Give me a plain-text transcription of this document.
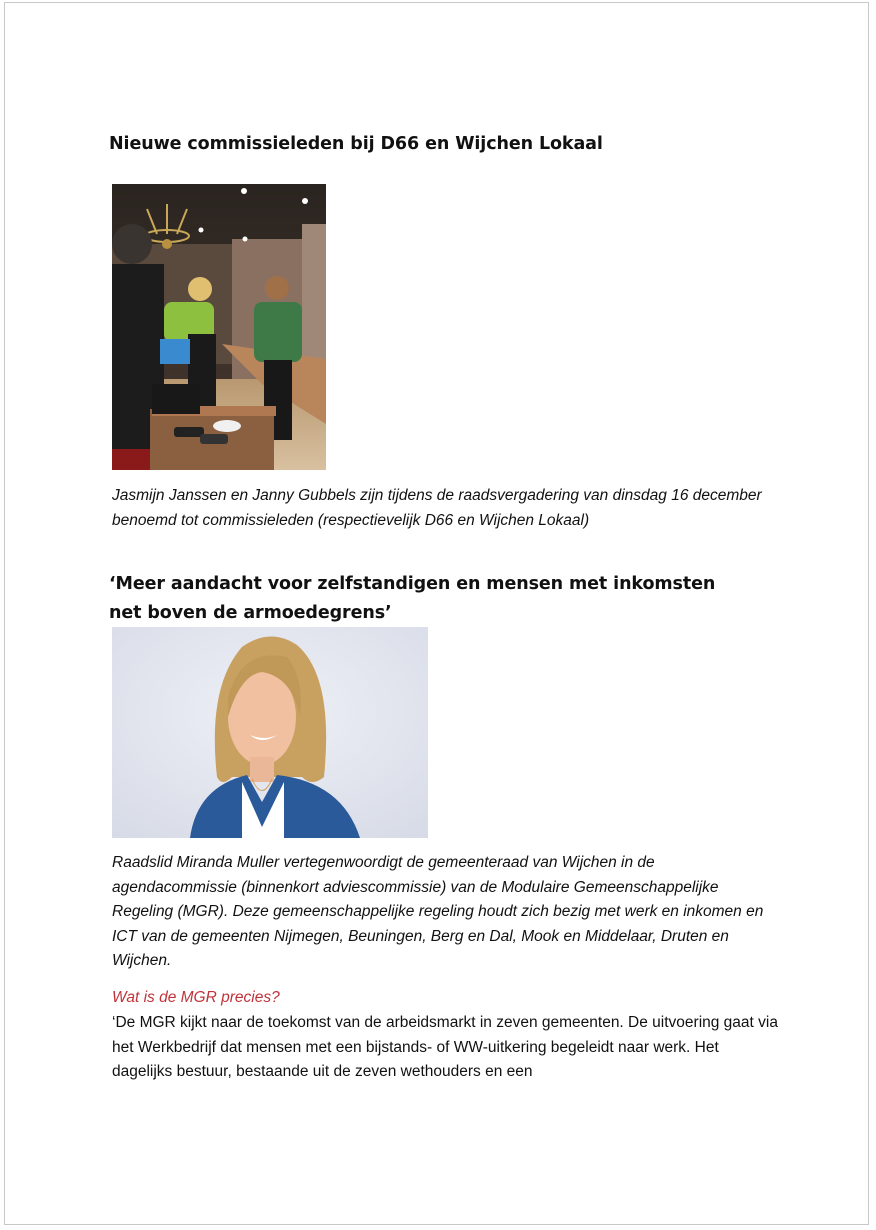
Nieuwe commissieleden bij D66 en Wijchen Lokaal
Jasmijn Janssen en Janny Gubbels zijn tijdens de raadsvergadering van dinsdag 16 december benoemd tot commissieleden (respectievelijk D66 en Wijchen Lokaal)
‘Meer aandacht voor zelfstandigen en mensen met inkomsten net boven de armoedegrens’
Raadslid Miranda Muller vertegenwoordigt de gemeenteraad van Wijchen in de agendacommissie (binnenkort adviescommissie) van de Modulaire Gemeenschappelijke Regeling (MGR). Deze gemeenschappelijke regeling houdt zich bezig met werk en inkomen en ICT van de gemeenten Nijmegen, Beuningen, Berg en Dal, Mook en Middelaar, Druten en Wijchen.
Wat is de MGR precies?
‘De MGR kijkt naar de toekomst van de arbeidsmarkt in zeven gemeenten. De uitvoering gaat via het Werkbedrijf dat mensen met een bijstands- of WW-uitkering begeleidt naar werk. Het dagelijks bestuur, bestaande uit de zeven wethouders en een
